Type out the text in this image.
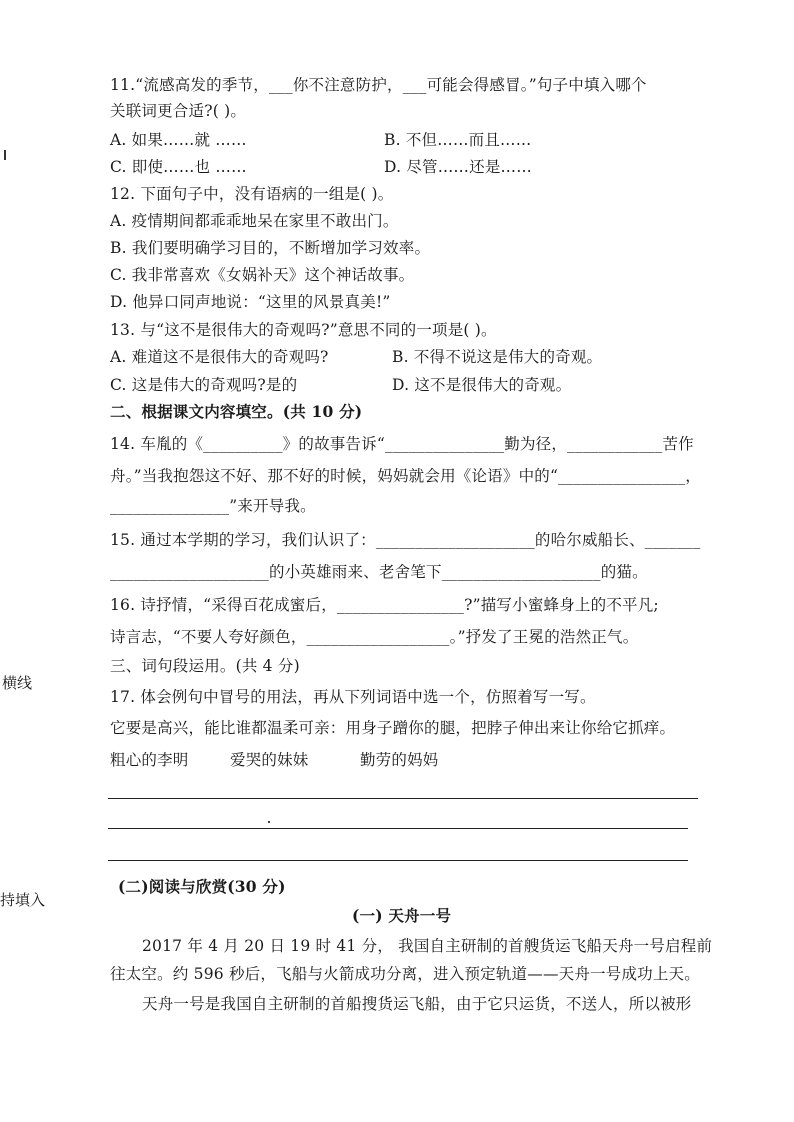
11.“流感高发的季节，___你不注意防护，___可能会得感冒。”句子中填入哪个
关联词更合适?( )。
A. 如果……就 ……	B. 不但……而且……
C. 即使……也 ……	D. 尽管……还是……
12. 下面句子中，没有语病的一组是( )。
A. 疫情期间都乖乖地呆在家里不敢出门。
B. 我们要明确学习目的，不断增加学习效率。
C. 我非常喜欢《女娲补天》这个神话故事。
D. 他异口同声地说：“这里的风景真美!”
13. 与“这不是很伟大的奇观吗?”意思不同的一项是( )。
A. 难道这不是很伟大的奇观吗?	B. 不得不说这是伟大的奇观。
C. 这是伟大的奇观吗?是的	D. 这不是很伟大的奇观。
二、根据课文内容填空。(共 10 分)
14. 车胤的《__________》的故事告诉“_______________勤为径，____________苦作
舟。”当我抱怨这不好、那不好的时候，妈妈就会用《论语》中的“________________，
_______________”来开导我。
15. 通过本学期的学习，我们认识了：____________________的哈尔威船长、_______
____________________的小英雄雨来、老舍笔下____________________的猫。
16. 诗抒情，“采得百花成蜜后，________________?”描写小蜜蜂身上的不平凡;
诗言志，“不要人夸好颜色，__________________。”抒发了王冕的浩然正气。
三、词句段运用。(共 4 分)
17. 体会例句中冒号的用法，再从下列词语中选一个，仿照着写一写。
它要是高兴，能比谁都温柔可亲：用身子蹭你的腿，把脖子伸出来让你给它抓痒。
粗心的李明	爱哭的妹妹	勤劳的妈妈
(二)阅读与欣赏(30 分)
(一) 天舟一号
2017 年 4 月 20 日 19 时 41 分， 我国自主研制的首艘货运飞船天舟一号启程前
往太空。约 596 秒后，飞船与火箭成功分离，进入预定轨道——天舟一号成功上天。
天舟一号是我国自主研制的首船搜货运飞船，由于它只运货，不送人，所以被形
横线
持填入
